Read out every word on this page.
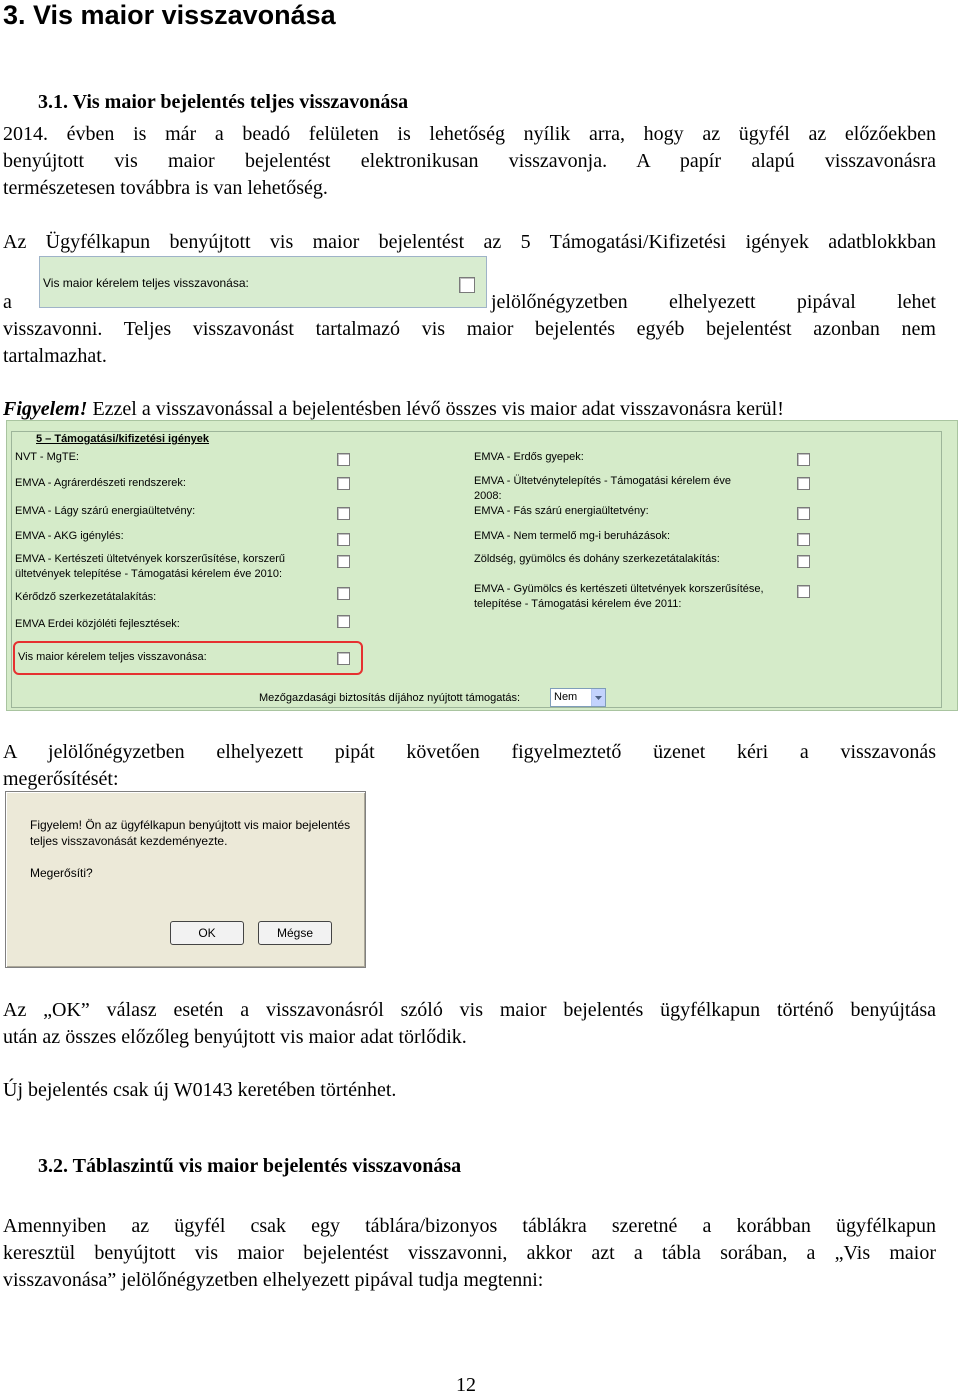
3. Vis maior visszavonása
3.1. Vis maior bejelentés teljes visszavonása
2014. évben is már a beadó felületen is lehetőség nyílik arra, hogy az ügyfél az előzőekben
benyújtott vis maior bejelentést elektronikusan visszavonja. A papír alapú visszavonásra
természetesen továbbra is van lehetőség.
Az Ügyfélkapun benyújtott vis maior bejelentést az 5 Támogatási/Kifizetési igények adatblokkban
a
Vis maior kérelem teljes visszavonása:
jelölőnégyzetben elhelyezett pipával lehet
visszavonni. Teljes visszavonást tartalmazó vis maior bejelentés egyéb bejelentést azonban nem
tartalmazhat.
Figyelem! Ezzel a visszavonással a bejelentésben lévő összes vis maior adat visszavonásra kerül!
5 – Támogatási/kifizetési igények
NVT - MgTE:
EMVA - Agrárerdészeti rendszerek:
EMVA - Lágy szárú energiaültetvény:
EMVA - AKG igénylés:
EMVA - Kertészeti ültetvények korszerűsítése, korszerű
ültetvények telepítése - Támogatási kérelem éve 2010:
Kérődző szerkezetátalakítás:
EMVA Erdei közjóléti fejlesztések:
Vis maior kérelem teljes visszavonása:
EMVA - Erdős gyepek:
EMVA - Ültetvénytelepítés - Támogatási kérelem éve
2008:
EMVA - Fás szárú energiaültetvény:
EMVA - Nem termelő mg-i beruházások:
Zöldség, gyümölcs és dohány szerkezetátalakítás:
EMVA - Gyümölcs és kertészeti ültetvények korszerűsítése,
telepítése - Támogatási kérelem éve 2011:
Mezőgazdasági biztosítás díjához nyújtott támogatás:	Nem
A jelölőnégyzetben elhelyezett pipát követően figyelmeztető üzenet kéri a visszavonás
megerősítését:
Figyelem! Ön az ügyfélkapun benyújtott vis maior bejelentés
teljes visszavonását kezdeményezte.
Megerősíti?
OK	Mégse
Az „OK” válasz esetén a visszavonásról szóló vis maior bejelentés ügyfélkapun történő benyújtása
után az összes előzőleg benyújtott vis maior adat törlődik.
Új bejelentés csak új W0143 keretében történhet.
3.2. Táblaszintű vis maior bejelentés visszavonása
Amennyiben az ügyfél csak egy táblára/bizonyos táblákra szeretné a korábban ügyfélkapun
keresztül benyújtott vis maior bejelentést visszavonni, akkor azt a tábla sorában, a „Vis maior
visszavonása” jelölőnégyzetben elhelyezett pipával tudja megtenni:
12
